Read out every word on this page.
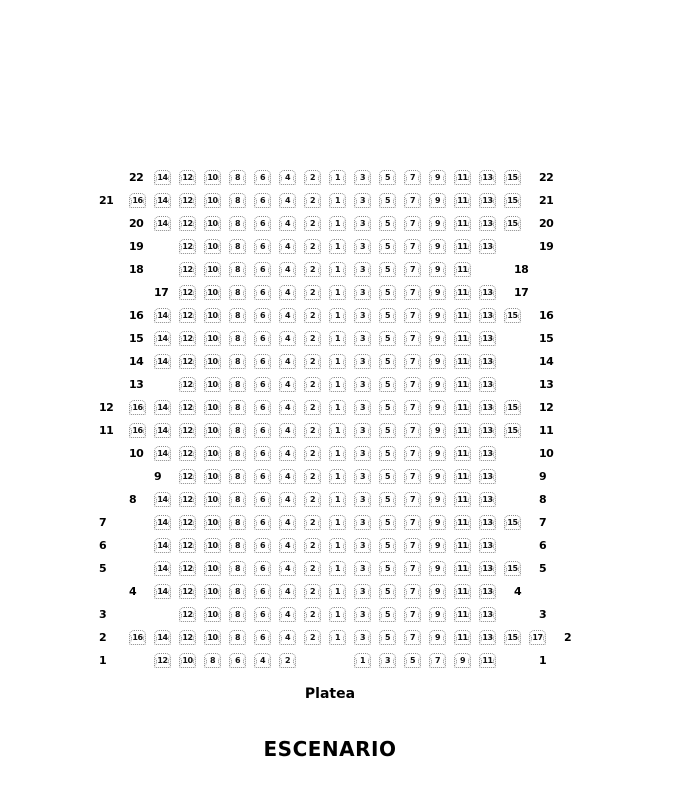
22 14 12 10 8 6 4 2 1 3 5 7 9 11 13 15	22
21 16 14 12 10 8 6 4 2 1 3 5 7 9 11 13 15	21
20 14 12 10 8 6 4 2 1 3 5 7 9 11 13 15	20
19	12 10 8 6 4 2 1 3 5 7 9 11 13	19
18	12 10 8 6 4 2 1 3 5 7 9 11	18
17 12 10 8 6 4 2 1 3 5 7 9 11 13	17
16 14 12 10 8 6 4 2 1 3 5 7 9 11 13 15	16
15 14 12 10 8 6 4 2 1 3 5 7 9 11 13	15
14 14 12 10 8 6 4 2 1 3 5 7 9 11 13	14
13	12 10 8 6 4 2 1 3 5 7 9 11 13	13
12 16 14 12 10 8 6 4 2 1 3 5 7 9 11 13 15	12
11 16 14 12 10 8 6 4 2 1 3 5 7 9 11 13 15	11
10 14 12 10 8 6 4 2 1 3 5 7 9 11 13	10
9	12 10 8 6 4 2 1 3 5 7 9 11 13	9
8	14 12 10 8 6 4 2 1 3 5 7 9 11 13	8
7	14 12 10 8 6 4 2 1 3 5 7 9 11 13 15	7
6	14 12 10 8 6 4 2 1 3 5 7 9 11 13	6
5	14 12 10 8 6 4 2 1 3 5 7 9 11 13 15	5
4	14 12 10 8 6 4 2 1 3 5 7 9 11 13	4
3	12 10 8 6 4 2 1 3 5 7 9 11 13	3
2	16 14 12 10 8 6 4 2 1 3 5 7 9 11 13 15 17	2
1	12 10 8 6 4 2	1 3 5 7 9 11	1
Platea
ESCENARIO
